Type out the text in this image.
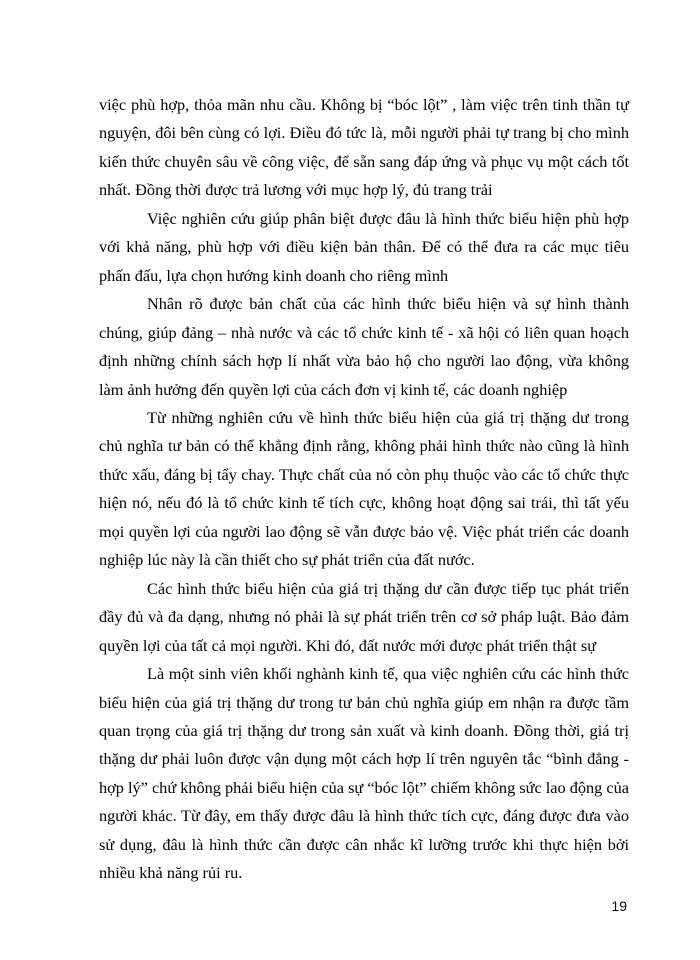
việc phù hợp, thỏa mãn nhu cầu. Không bị “bóc lột” , làm việc trên tinh thần tự nguyện, đôi bên cùng có lợi. Điều đó tức là, mỗi người phải tự trang bị cho mình kiến thức chuyên sâu về công việc, để sẵn sang đáp ứng và phục vụ một cách tốt nhất. Đồng thời được trả lương với mục hợp lý, đủ trang trải

Việc nghiên cứu giúp phân biệt được đâu là hình thức biểu hiện phù hợp với khả năng, phù hợp với điều kiện bản thân. Để có thể đưa ra các mục tiêu phấn đấu, lựa chọn hướng kinh doanh cho riêng mình

Nhân rõ được bản chất của các hình thức biểu hiện và sự hình thành chúng, giúp đảng – nhà nước và các tổ chức kinh tế - xã hội có liên quan hoạch định những chính sách hợp lí nhất vừa bảo hộ cho người lao động, vừa không làm ảnh hưởng đến quyền lợi của cách đơn vị kinh tế, các doanh nghiệp

Từ những nghiên cứu về hình thức biểu hiện của giá trị thặng dư trong chủ nghĩa tư bản có thể khẳng định rằng, không phải hình thức nào cũng là hình thức xấu, đáng bị tẩy chay. Thực chất của nó còn phụ thuộc vào các tổ chức thực hiện nó, nếu đó là tổ chức kinh tế tích cực, không hoạt động sai trái, thì tất yếu mọi quyền lợi của người lao động sẽ vẫn được bảo vệ. Việc phát triển các doanh nghiệp lúc này là cần thiết cho sự phát triển của đất nước.

Các hình thức biểu hiện của giá trị thặng dư cần được tiếp tục phát triển đầy đủ và đa dạng, nhưng nó phải là sự phát triển trên cơ sở pháp luật. Bảo đảm quyền lợi của tất cả mọi người. Khi đó, đất nước mới được phát triển thật sự

Là một sinh viên khối nghành kinh tế, qua việc nghiên cứu các hình thức biểu hiện của giá trị thặng dư trong tư bản chủ nghĩa giúp em nhận ra được tầm quan trọng của giá trị thặng dư trong sản xuất và kinh doanh. Đồng thời, giá trị thặng dư phải luôn được vận dụng một cách hợp lí trên nguyên tắc “bình đẳng - hợp lý” chứ không phải biểu hiện của sự “bóc lột” chiếm không sức lao động của người khác. Từ đây, em thấy được đâu là hình thức tích cực, đáng được đưa vào sử dụng, đâu là hình thức cần được cân nhắc kĩ lưỡng trước khi thực hiện bởi nhiều khả năng rủi ru.

19
